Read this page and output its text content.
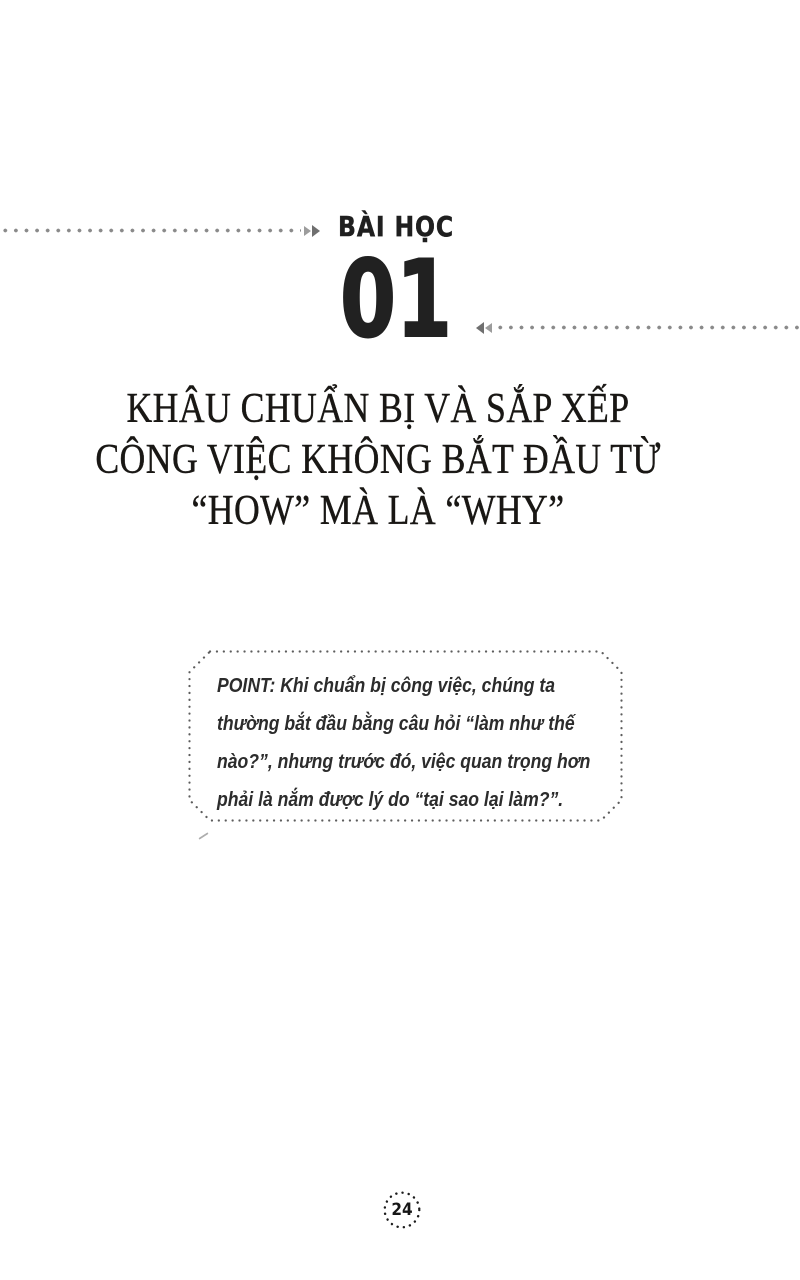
BÀI HỌC
01
KHÂU CHUẨN BỊ VÀ SẮP XẾP
CÔNG VIỆC KHÔNG BẮT ĐẦU TỪ
“HOW” MÀ LÀ “WHY”
POINT: Khi chuẩn bị công việc, chúng ta
thường bắt đầu bằng câu hỏi “làm như thế
nào?”, nhưng trước đó, việc quan trọng hơn
phải là nắm được lý do “tại sao lại làm?”.
24
